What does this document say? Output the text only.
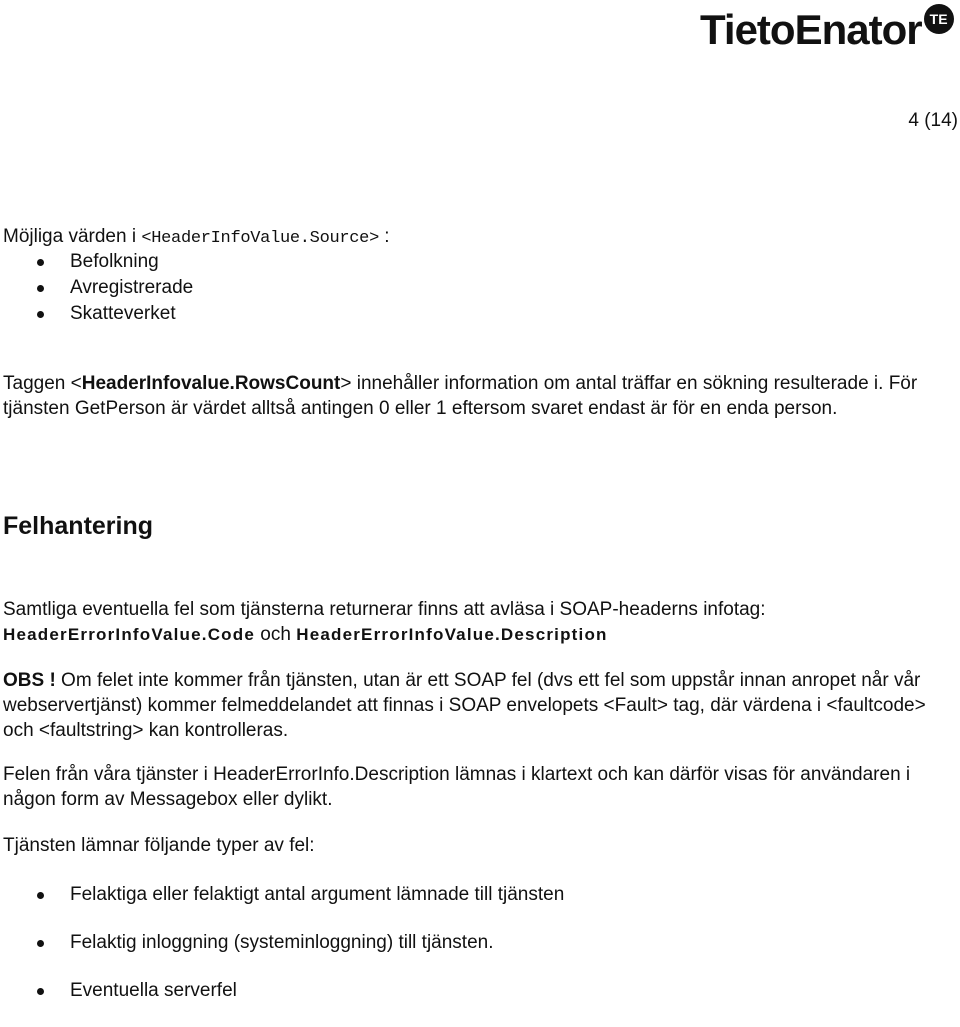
TietoEnator TE
4 (14)

Möjliga värden i <HeaderInfoValue.Source> :

Befolkning
Avregistrerade
Skatteverket

Taggen <HeaderInfovalue.RowsCount> innehåller information om antal träffar en sökning resulterade i. För tjänsten GetPerson är värdet alltså antingen 0 eller 1 eftersom svaret endast är för en enda person.

Felhantering

Samtliga eventuella fel som tjänsterna returnerar finns att avläsa i SOAP-headerns infotag: HeaderErrorInfoValue.Code och HeaderErrorInfoValue.Description

OBS ! Om felet inte kommer från tjänsten, utan är ett SOAP fel (dvs ett fel som uppstår innan anropet når vår webservertjänst) kommer felmeddelandet att finnas i SOAP envelopets <Fault> tag, där värdena i <faultcode> och <faultstring> kan kontrolleras.

Felen från våra tjänster i HeaderErrorInfo.Description lämnas i klartext och kan därför visas för användaren i någon form av Messagebox eller dylikt.

Tjänsten lämnar följande typer av fel:

Felaktiga eller felaktigt antal argument lämnade till tjänsten
Felaktig inloggning (systeminloggning) till tjänsten.
Eventuella serverfel
